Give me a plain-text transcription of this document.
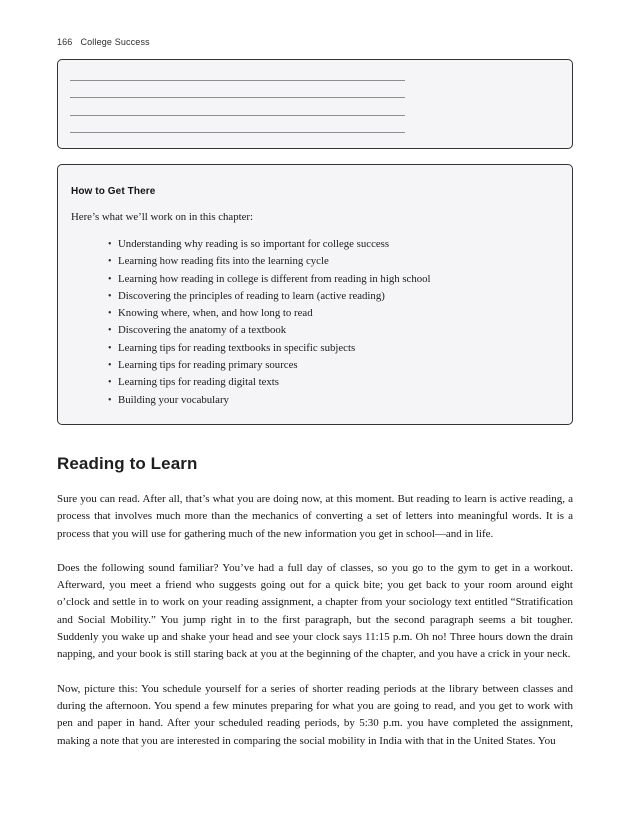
166 College Success
How to Get There

Here’s what we’ll work on in this chapter:

• Understanding why reading is so important for college success
• Learning how reading fits into the learning cycle
• Learning how reading in college is different from reading in high school
• Discovering the principles of reading to learn (active reading)
• Knowing where, when, and how long to read
• Discovering the anatomy of a textbook
• Learning tips for reading textbooks in specific subjects
• Learning tips for reading primary sources
• Learning tips for reading digital texts
• Building your vocabulary
Reading to Learn

Sure you can read. After all, that’s what you are doing now, at this moment. But reading to learn is active reading, a process that involves much more than the mechanics of converting a set of letters into meaningful words. It is a process that you will use for gathering much of the new information you get in school—and in life.

Does the following sound familiar? You’ve had a full day of classes, so you go to the gym to get in a workout. Afterward, you meet a friend who suggests going out for a quick bite; you get back to your room around eight o’clock and settle in to work on your reading assignment, a chapter from your sociology text entitled “Stratification and Social Mobility.” You jump right in to the first paragraph, but the second paragraph seems a bit tougher. Suddenly you wake up and shake your head and see your clock says 11:15 p.m. Oh no! Three hours down the drain napping, and your book is still staring back at you at the beginning of the chapter, and you have a crick in your neck.

Now, picture this: You schedule yourself for a series of shorter reading periods at the library between classes and during the afternoon. You spend a few minutes preparing for what you are going to read, and you get to work with pen and paper in hand. After your scheduled reading periods, by 5:30 p.m. you have completed the assignment, making a note that you are interested in comparing the social mobility in India with that in the United States. You
